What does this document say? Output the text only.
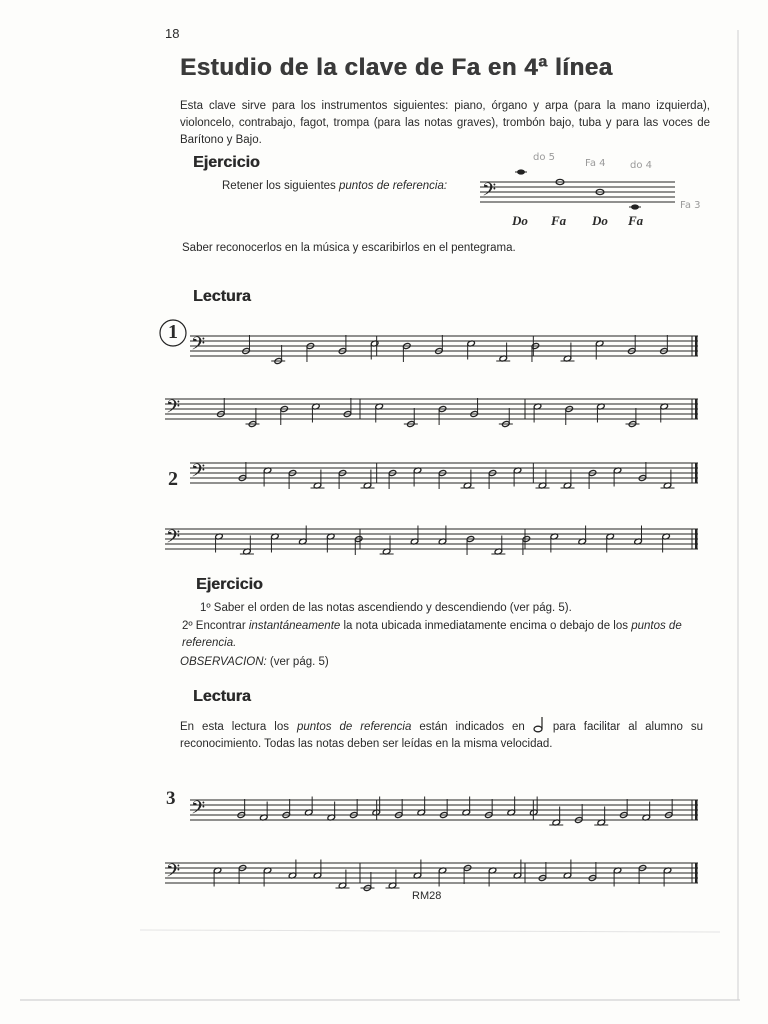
18
Estudio de la clave de Fa en 4ª línea
Esta clave sirve para los instrumentos siguientes: piano, órgano y arpa (para la mano izquierda), violoncelo, contrabajo, fagot, trompa (para las notas graves), trombón bajo, tuba y para las voces de Barítono y Bajo.
Ejercicio
Retener los siguientes puntos de referencia: 𝄢
do 5
Fa 4 do 4
Fa 3
Do Fa Do Fa
Saber reconocerlos en la música y escaribirlos en el pentegrama.
Lectura
1
2
𝄢
𝄢
𝄢
𝄢
𝄢
𝄢
Ejercicio
1º Saber el orden de las notas ascendiendo y descendiendo (ver pág. 5).
2º Encontrar instantáneamente la nota ubicada inmediatamente encima o debajo de los puntos de referencia.
OBSERVACION: (ver pág. 5)
Lectura
En esta lectura los puntos de referencia están indicados en para facilitar al alumno su reconocimiento. Todas las notas deben ser leídas en la misma velocidad.
3
RM28
